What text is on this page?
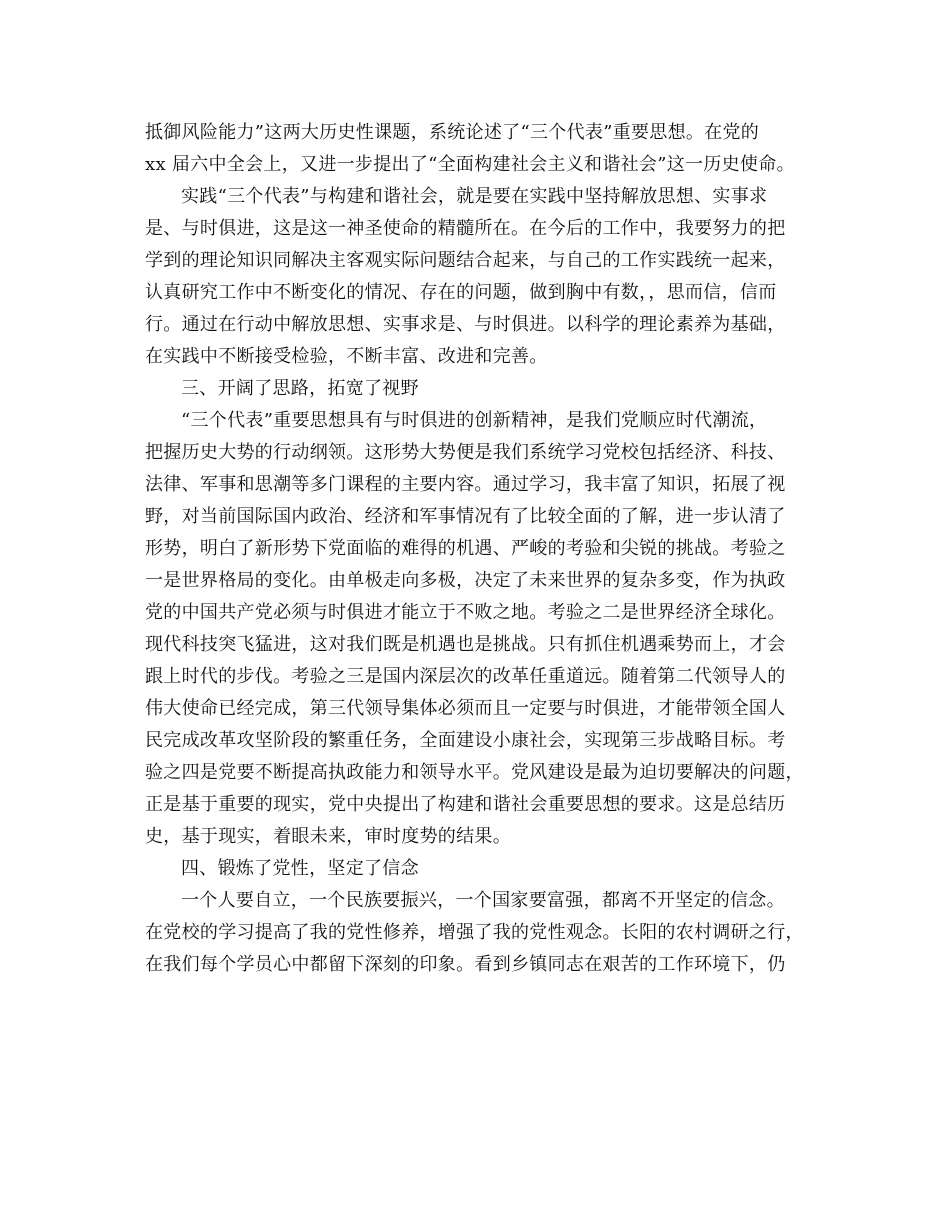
抵御风险能力”这两大历史性课题，系统论述了“三个代表”重要思想。在党的
xx 届六中全会上，又进一步提出了“全面构建社会主义和谐社会”这一历史使命。
实践“三个代表”与构建和谐社会，就是要在实践中坚持解放思想、实事求
是、与时俱进，这是这一神圣使命的精髓所在。在今后的工作中，我要努力的把
学到的理论知识同解决主客观实际问题结合起来，与自己的工作实践统一起来，
认真研究工作中不断变化的情况、存在的问题，做到胸中有数，，思而信，信而
行。通过在行动中解放思想、实事求是、与时俱进。以科学的理论素养为基础，
在实践中不断接受检验，不断丰富、改进和完善。
三、开阔了思路，拓宽了视野
“三个代表”重要思想具有与时俱进的创新精神，是我们党顺应时代潮流，
把握历史大势的行动纲领。这形势大势便是我们系统学习党校包括经济、科技、
法律、军事和思潮等多门课程的主要内容。通过学习，我丰富了知识，拓展了视
野，对当前国际国内政治、经济和军事情况有了比较全面的了解，进一步认清了
形势，明白了新形势下党面临的难得的机遇、严峻的考验和尖锐的挑战。考验之
一是世界格局的变化。由单极走向多极，决定了未来世界的复杂多变，作为执政
党的中国共产党必须与时俱进才能立于不败之地。考验之二是世界经济全球化。
现代科技突飞猛进，这对我们既是机遇也是挑战。只有抓住机遇乘势而上，才会
跟上时代的步伐。考验之三是国内深层次的改革任重道远。随着第二代领导人的
伟大使命已经完成，第三代领导集体必须而且一定要与时俱进，才能带领全国人
民完成改革攻坚阶段的繁重任务，全面建设小康社会，实现第三步战略目标。考
验之四是党要不断提高执政能力和领导水平。党风建设是最为迫切要解决的问题，
正是基于重要的现实，党中央提出了构建和谐社会重要思想的要求。这是总结历
史，基于现实，着眼未来，审时度势的结果。
四、锻炼了党性，坚定了信念
一个人要自立，一个民族要振兴，一个国家要富强，都离不开坚定的信念。
在党校的学习提高了我的党性修养，增强了我的党性观念。长阳的农村调研之行，
在我们每个学员心中都留下深刻的印象。看到乡镇同志在艰苦的工作环境下，仍
